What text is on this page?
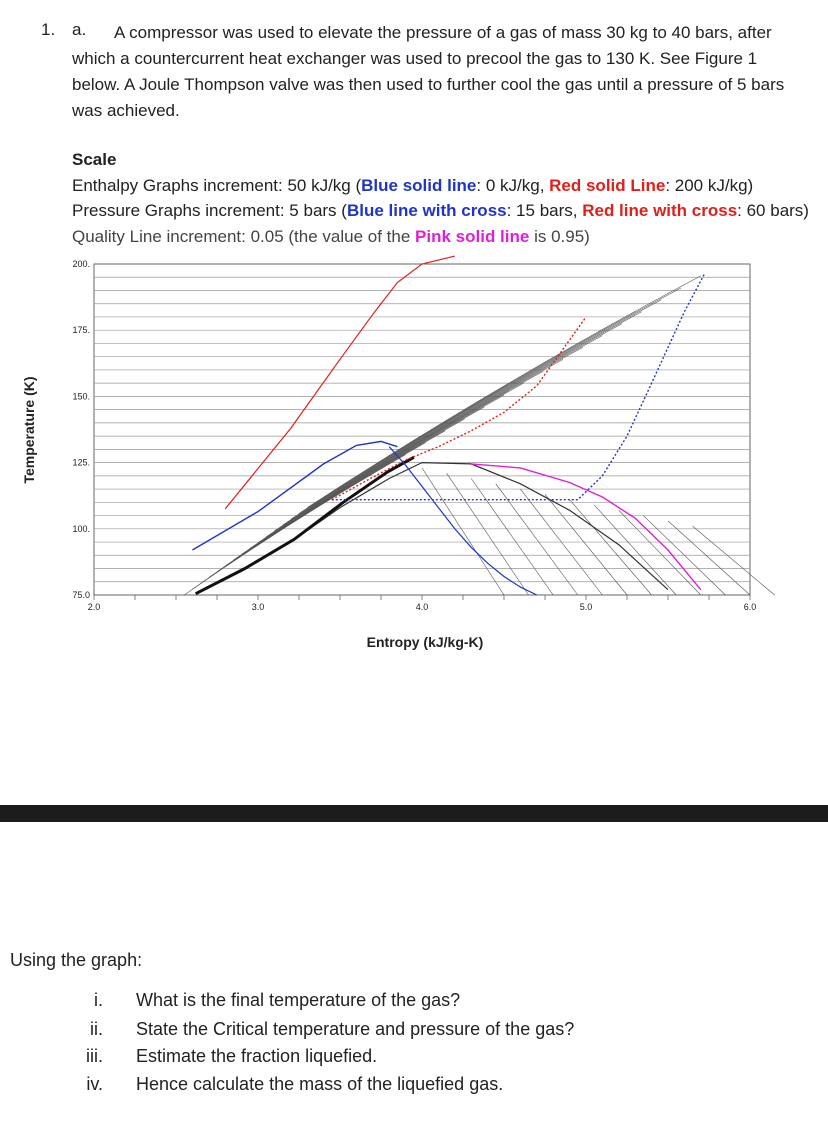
1. a.	A compressor was used to elevate the pressure of a gas of mass 30 kg to 40 bars, after which a countercurrent heat exchanger was used to precool the gas to 130 K. See Figure 1 below. A Joule Thompson valve was then used to further cool the gas until a pressure of 5 bars was achieved.

Scale
Enthalpy Graphs increment: 50 kJ/kg (Blue solid line: 0 kJ/kg, Red solid Line: 200 kJ/kg)
Pressure Graphs increment: 5 bars (Blue line with cross: 15 bars, Red line with cross: 60 bars)
Quality Line increment: 0.05 (the value of the Pink solid line is 0.95)
2.0	3.0	4.0	5.0	6.0
75.0
100.
125.
150.
175.
200.
Entropy (kJ/kg-K)
Temperature (K)
Using the graph:
i. What is the final temperature of the gas?
ii. State the Critical temperature and pressure of the gas?
iii. Estimate the fraction liquefied.
iv. Hence calculate the mass of the liquefied gas.
